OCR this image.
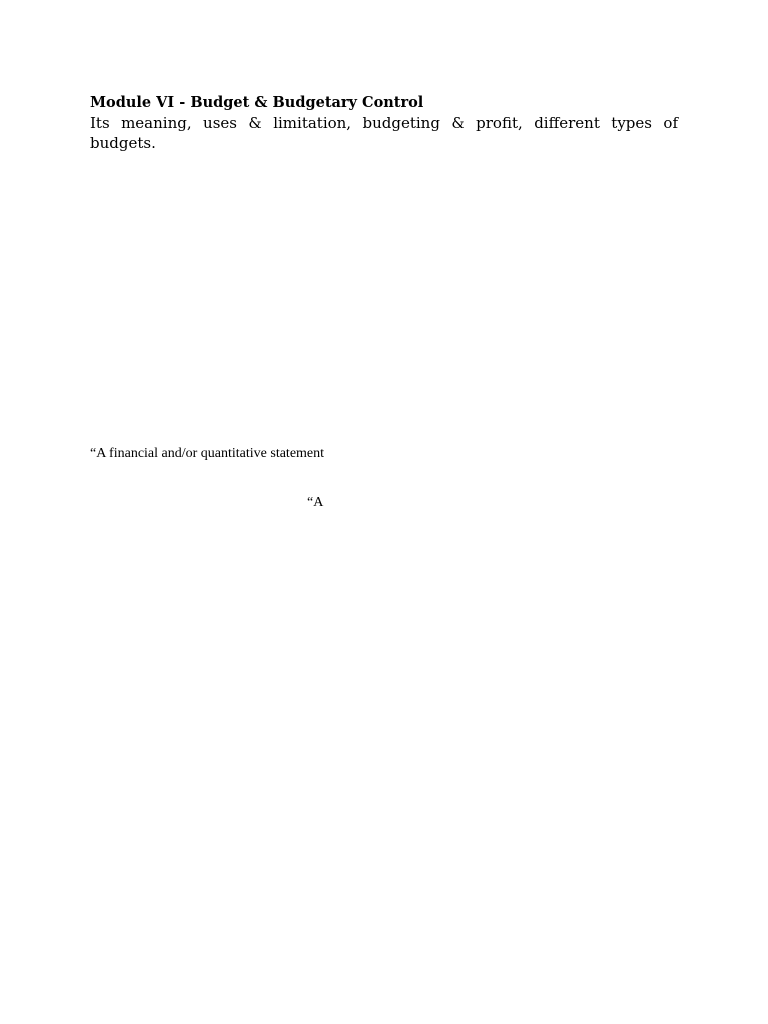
Module VI - Budget & Budgetary Control

Its meaning, uses & limitation, budgeting & profit, different types of budgets.

“A financial and/or quantitative statement

“A
